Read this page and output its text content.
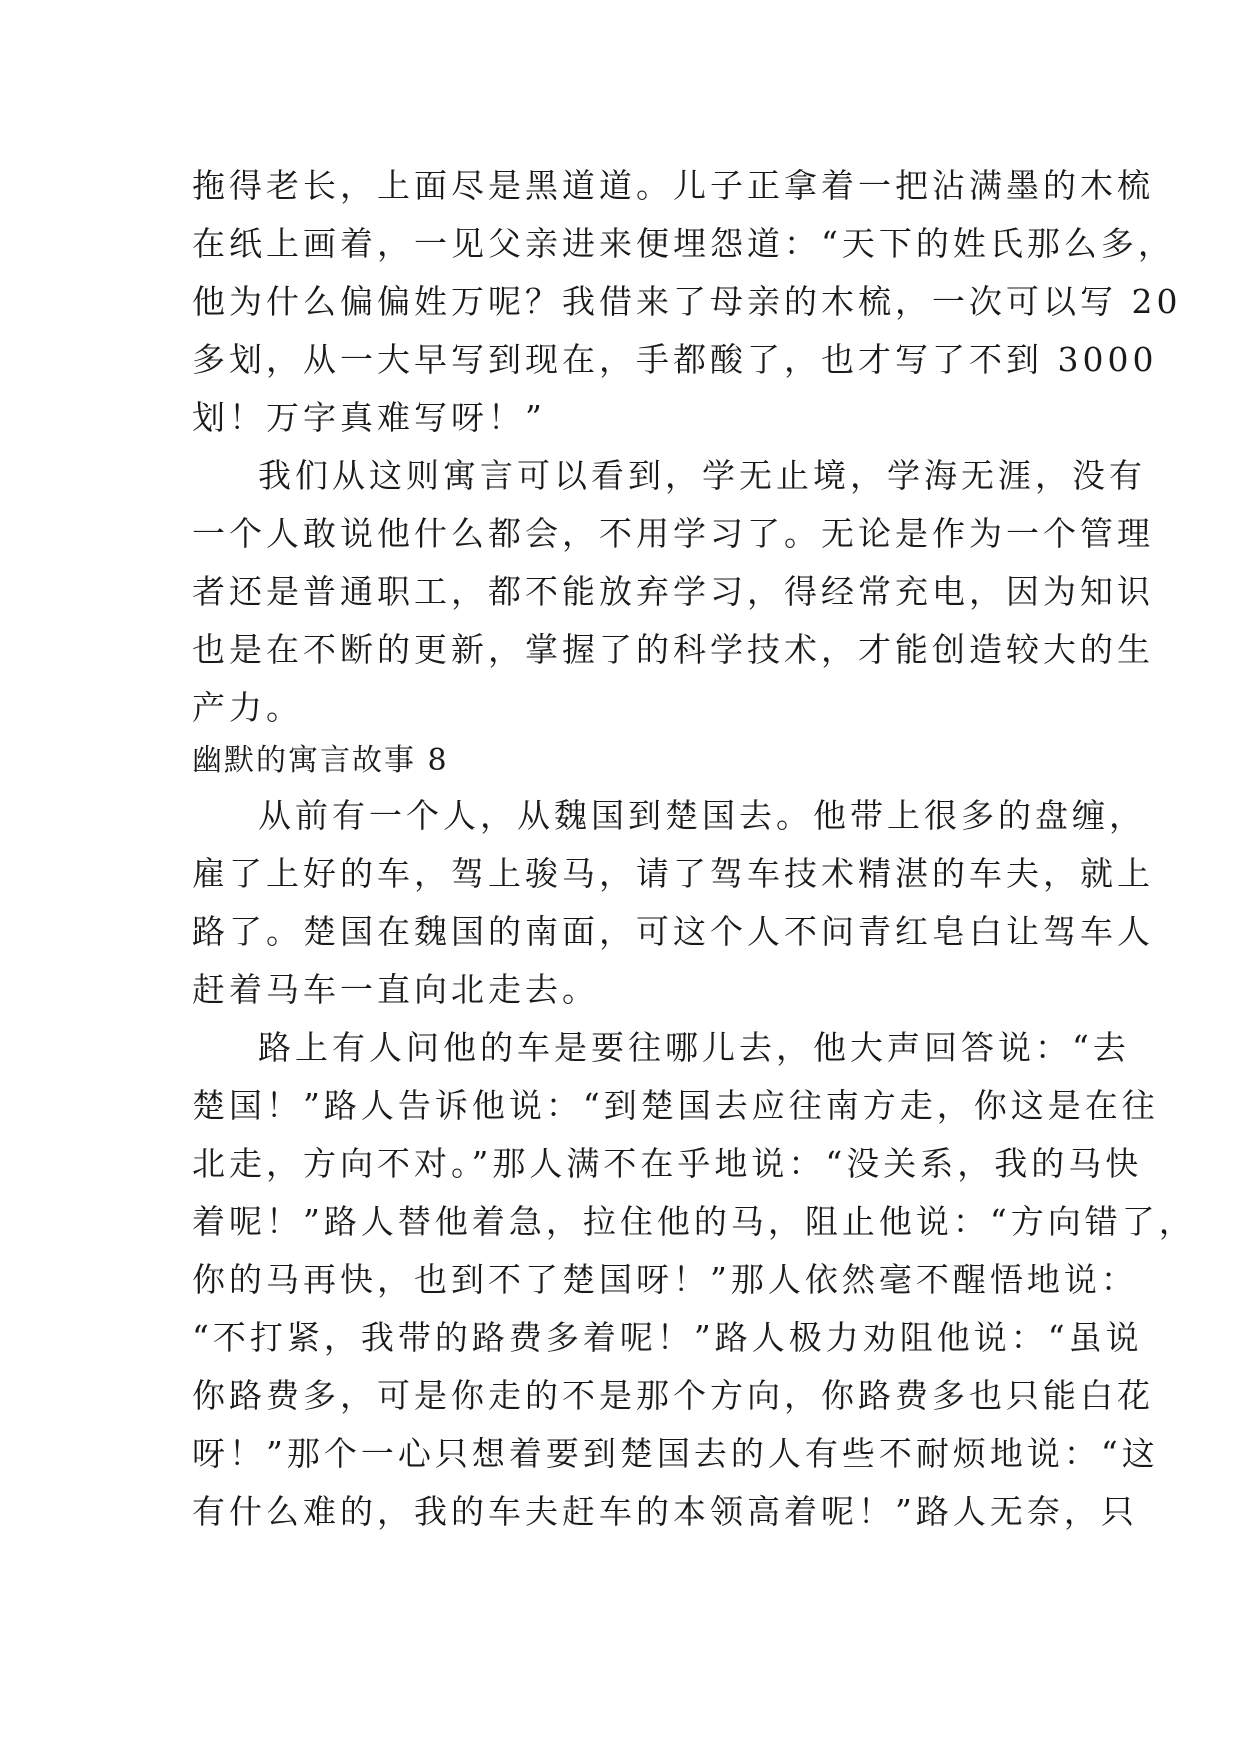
拖得老长，上面尽是黑道道。儿子正拿着一把沾满墨的木梳
在纸上画着，一见父亲进来便埋怨道：“天下的姓氏那么多，
他为什么偏偏姓万呢？我借来了母亲的木梳，一次可以写 20
多划，从一大早写到现在，手都酸了，也才写了不到 3000
划！万字真难写呀！”
我们从这则寓言可以看到，学无止境，学海无涯，没有
一个人敢说他什么都会，不用学习了。无论是作为一个管理
者还是普通职工，都不能放弃学习，得经常充电，因为知识
也是在不断的更新，掌握了的科学技术，才能创造较大的生
产力。
幽默的寓言故事 8
从前有一个人，从魏国到楚国去。他带上很多的盘缠，
雇了上好的车，驾上骏马，请了驾车技术精湛的车夫，就上
路了。楚国在魏国的南面，可这个人不问青红皂白让驾车人
赶着马车一直向北走去。
路上有人问他的车是要往哪儿去，他大声回答说：“去
楚国！”路人告诉他说：“到楚国去应往南方走，你这是在往
北走，方向不对。”那人满不在乎地说：“没关系，我的马快
着呢！”路人替他着急，拉住他的马，阻止他说：“方向错了，
你的马再快，也到不了楚国呀！”那人依然毫不醒悟地说：
“不打紧，我带的路费多着呢！”路人极力劝阻他说：“虽说
你路费多，可是你走的不是那个方向，你路费多也只能白花
呀！”那个一心只想着要到楚国去的人有些不耐烦地说：“这
有什么难的，我的车夫赶车的本领高着呢！”路人无奈，只
